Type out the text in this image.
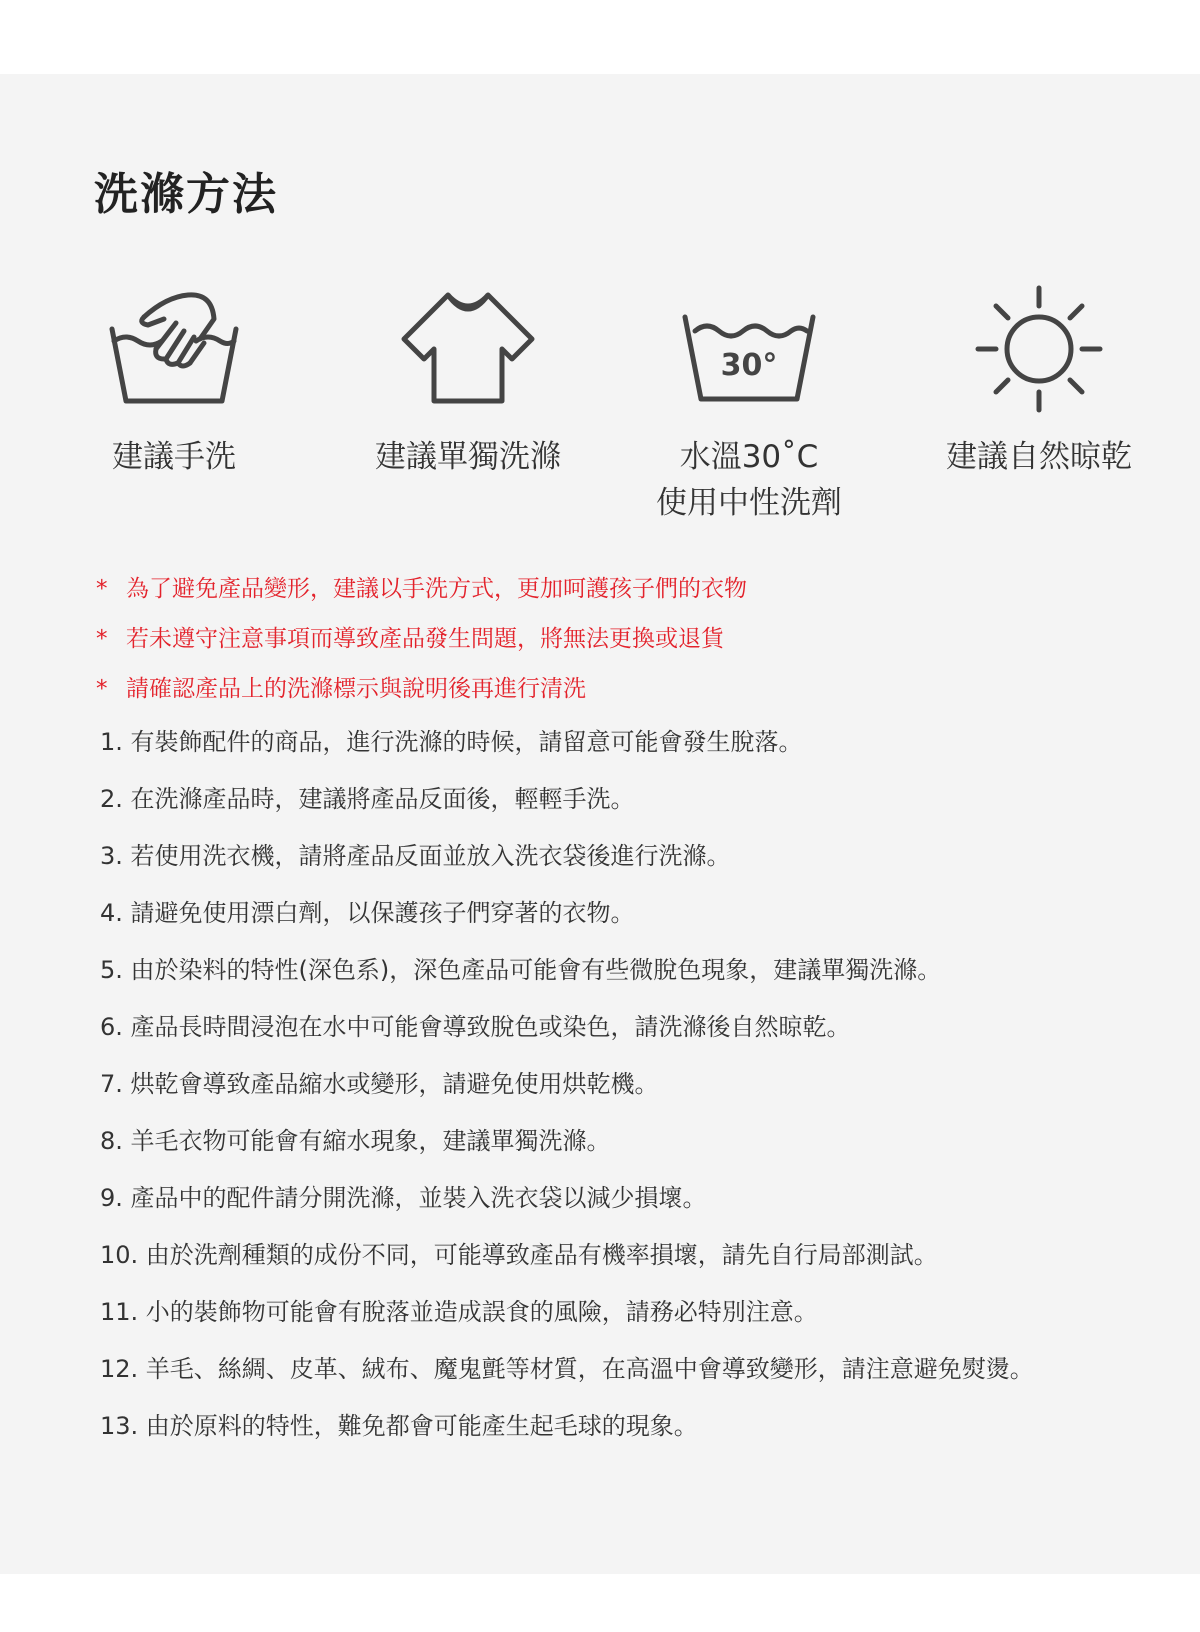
洗滌方法
建議手洗	建議單獨洗滌
30°
水溫30˚C
使用中性洗劑
建議自然晾乾
* 為了避免產品變形，建議以手洗方式，更加呵護孩子們的衣物
* 若未遵守注意事項而導致產品發生問題，將無法更換或退貨
* 請確認產品上的洗滌標示與說明後再進行清洗
1. 有裝飾配件的商品，進行洗滌的時候，請留意可能會發生脫落。
2. 在洗滌產品時，建議將產品反面後，輕輕手洗。
3. 若使用洗衣機，請將產品反面並放入洗衣袋後進行洗滌。
4. 請避免使用漂白劑，以保護孩子們穿著的衣物。
5. 由於染料的特性(深色系)，深色產品可能會有些微脫色現象，建議單獨洗滌。
6. 產品長時間浸泡在水中可能會導致脫色或染色，請洗滌後自然晾乾。
7. 烘乾會導致產品縮水或變形，請避免使用烘乾機。
8. 羊毛衣物可能會有縮水現象，建議單獨洗滌。
9. 產品中的配件請分開洗滌，並裝入洗衣袋以減少損壞。
10. 由於洗劑種類的成份不同，可能導致產品有機率損壞，請先自行局部測試。
11. 小的裝飾物可能會有脫落並造成誤食的風險，請務必特別注意。
12. 羊毛、絲綢、皮革、絨布、魔鬼氈等材質，在高溫中會導致變形，請注意避免熨燙。
13. 由於原料的特性，難免都會可能產生起毛球的現象。
